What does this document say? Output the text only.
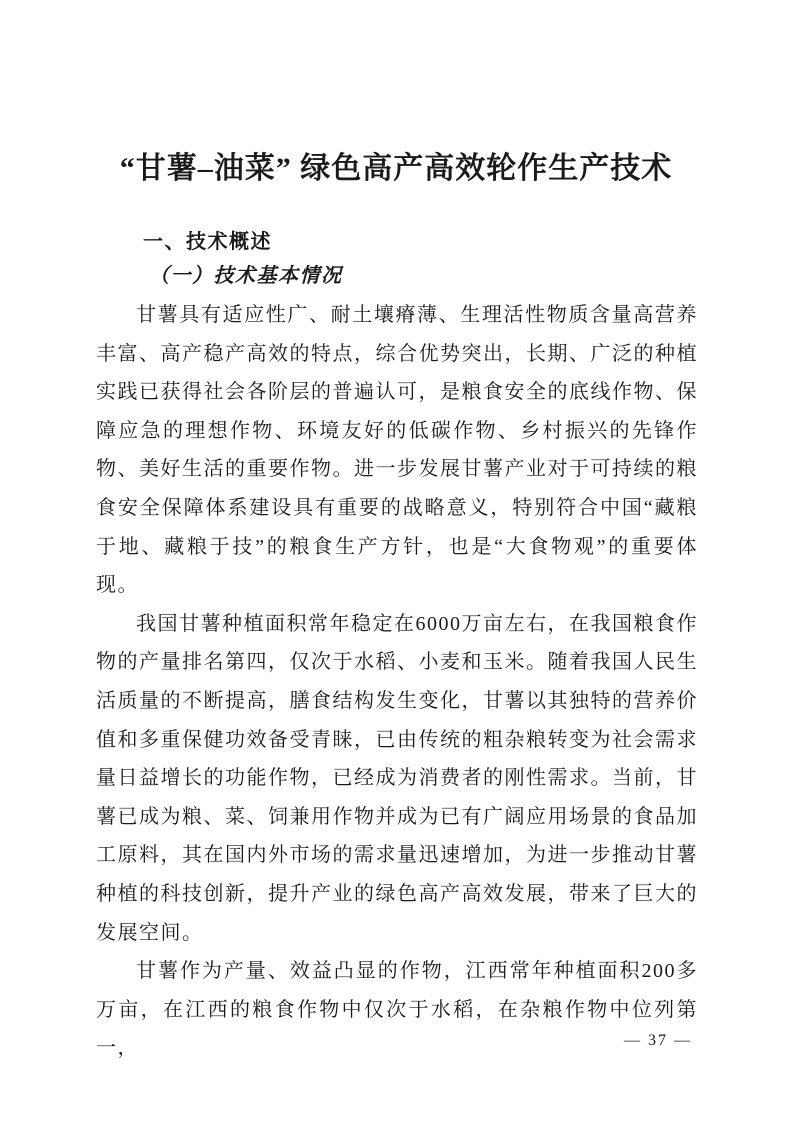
“甘薯–油菜” 绿色高产高效轮作生产技术
一、技术概述
（一）技术基本情况

甘薯具有适应性广、耐土壤瘠薄、生理活性物质含量高营养丰富、高产稳产高效的特点，综合优势突出，长期、广泛的种植实践已获得社会各阶层的普遍认可，是粮食安全的底线作物、保障应急的理想作物、环境友好的低碳作物、乡村振兴的先锋作物、美好生活的重要作物。进一步发展甘薯产业对于可持续的粮食安全保障体系建设具有重要的战略意义，特别符合中国“藏粮于地、藏粮于技”的粮食生产方针，也是“大食物观”的重要体现。

我国甘薯种植面积常年稳定在6000万亩左右，在我国粮食作物的产量排名第四，仅次于水稻、小麦和玉米。随着我国人民生活质量的不断提高，膳食结构发生变化，甘薯以其独特的营养价值和多重保健功效备受青睐，已由传统的粗杂粮转变为社会需求量日益增长的功能作物，已经成为消费者的刚性需求。当前，甘薯已成为粮、菜、饲兼用作物并成为已有广阔应用场景的食品加工原料，其在国内外市场的需求量迅速增加，为进一步推动甘薯种植的科技创新，提升产业的绿色高产高效发展，带来了巨大的发展空间。

甘薯作为产量、效益凸显的作物，江西常年种植面积200多万亩，在江西的粮食作物中仅次于水稻，在杂粮作物中位列第一，	— 37 —
